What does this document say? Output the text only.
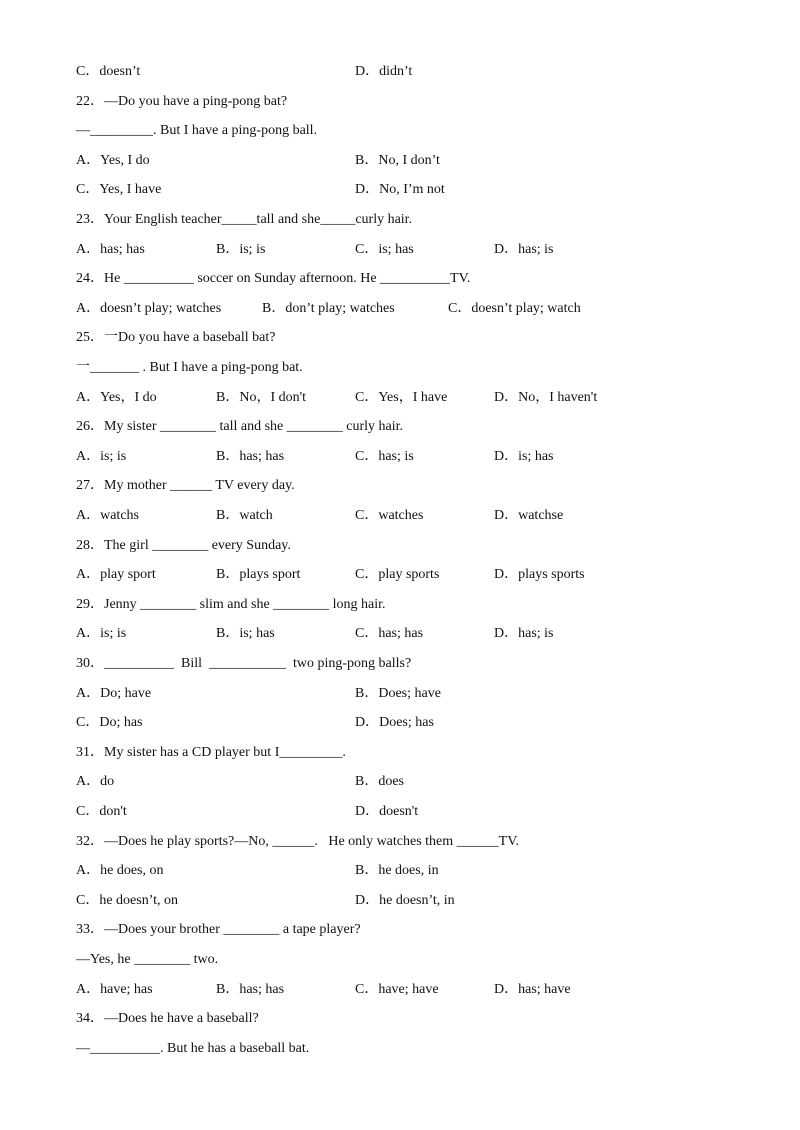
C．doesn’t	D．didn’t
22．—Do you have a ping-pong bat?
—_________. But I have a ping-pong ball.
A．Yes, I do	B．No, I don’t
C．Yes, I have	D．No, I’m not
23．Your English teacher_____tall and she_____curly hair.
A．has; has	B．is; is	C．is; has	D．has; is
24．He __________ soccer on Sunday afternoon. He __________TV.
A．doesn’t play; watches	B．don’t play; watches	C．doesn’t play; watch
25．一Do you have a baseball bat?
一_______ . But I have a ping-pong bat.
A．Yes，I do	B．No，I don't	C．Yes，I have	D．No，I haven't
26．My sister ________ tall and she ________ curly hair.
A．is; is	B．has; has	C．has; is	D．is; has
27．My mother ______ TV every day.
A．watchs	B．watch	C．watches	D．watchse
28．The girl ________ every Sunday.
A．play sport	B．plays sport	C．play sports	D．plays sports
29．Jenny ________ slim and she ________ long hair.
A．is; is	B．is; has	C．has; has	D．has; is
30．__________  Bill  ___________  two ping-pong balls?
A．Do; have	B．Does; have
C．Do; has	D．Does; has
31．My sister has a CD player but I_________.
A．do	B．does
C．don't	D．doesn't
32．—Does he play sports?—No, ______.   He only watches them ______TV.
A．he does, on	B．he does, in
C．he doesn’t, on	D．he doesn’t, in
33．—Does your brother ________ a tape player?
—Yes, he ________ two.
A．have; has	B．has; has	C．have; have	D．has; have
34．—Does he have a baseball?
—__________. But he has a baseball bat.
